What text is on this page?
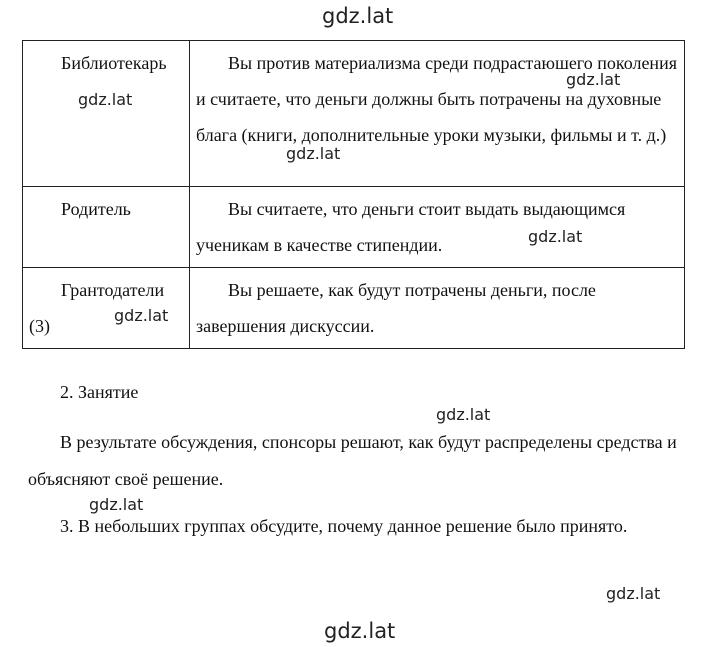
gdz.lat
Библиотекарь	Вы против материализма среди подрастаюшего поколения и считаете, что деньги должны быть потрачены на духовные блага (книги, дополнительные уроки музыки, фильмы и т. д.)

Родитель	Вы считаете, что деньги стоит выдать выдающимся ученикам в качестве стипендии.

Грантодатели (3)	Вы решаете, как будут потрачены деньги, после завершения дискуссии.
gdz.lat
gdz.lat
gdz.lat
gdz.lat
gdz.lat

2. Занятие

gdz.lat

В результате обсуждения, спонсоры решают, как будут распределены средства и объясняют своё решение.

gdz.lat

3. В небольших группах обсудите, почему данное решение было принято.

gdz.lat
gdz.lat
